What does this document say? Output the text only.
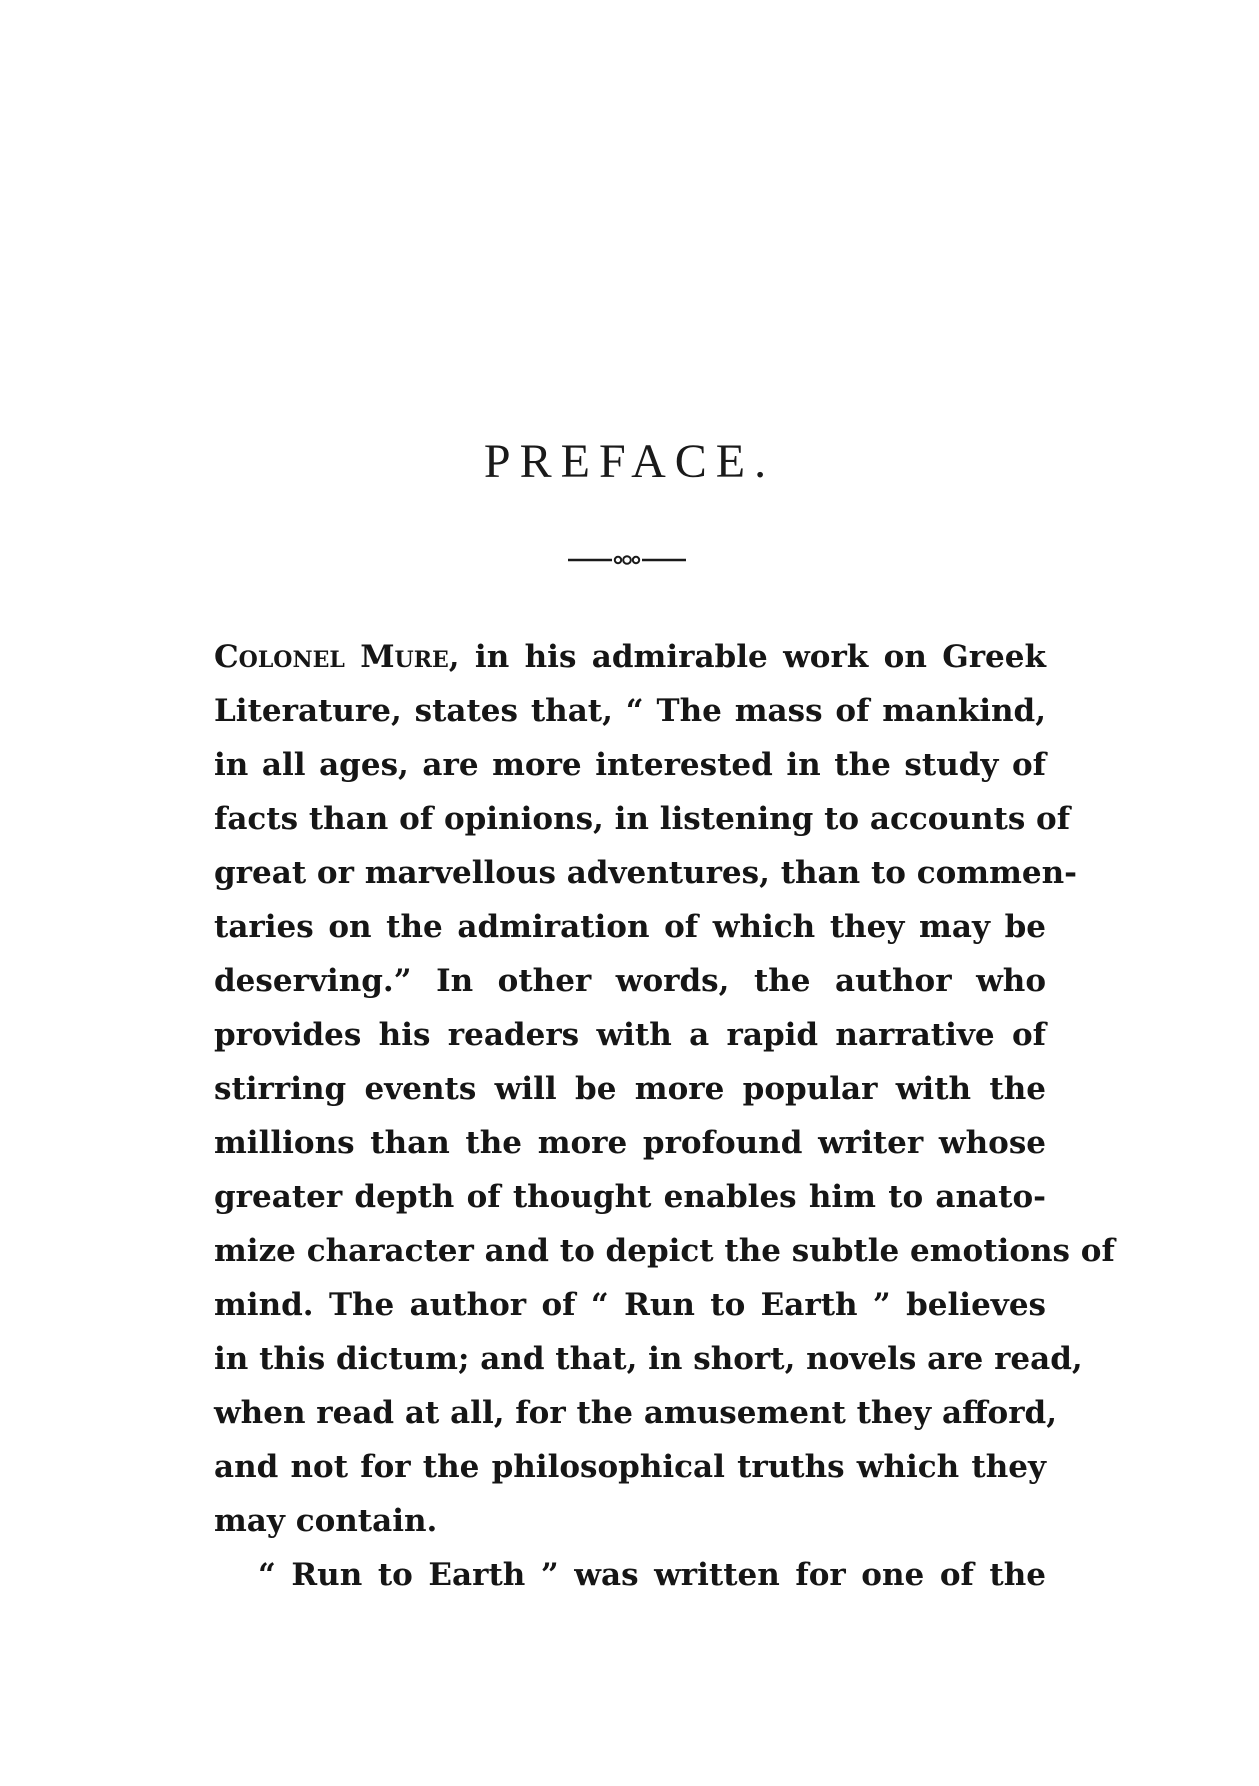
PREFACE.
Colonel Mure, in his admirable work on Greek
Literature, states that, “ The mass of mankind,
in all ages, are more interested in the study of
facts than of opinions, in listening to accounts of
great or marvellous adventures, than to commen-
taries on the admiration of which they may be
deserving.” In other words, the author who
provides his readers with a rapid narrative of
stirring events will be more popular with the
millions than the more profound writer whose
greater depth of thought enables him to anato-
mize character and to depict the subtle emotions of
mind. The author of “ Run to Earth ” believes
in this dictum; and that, in short, novels are read,
when read at all, for the amusement they afford,
and not for the philosophical truths which they
may contain.
“ Run to Earth ” was written for one of the
